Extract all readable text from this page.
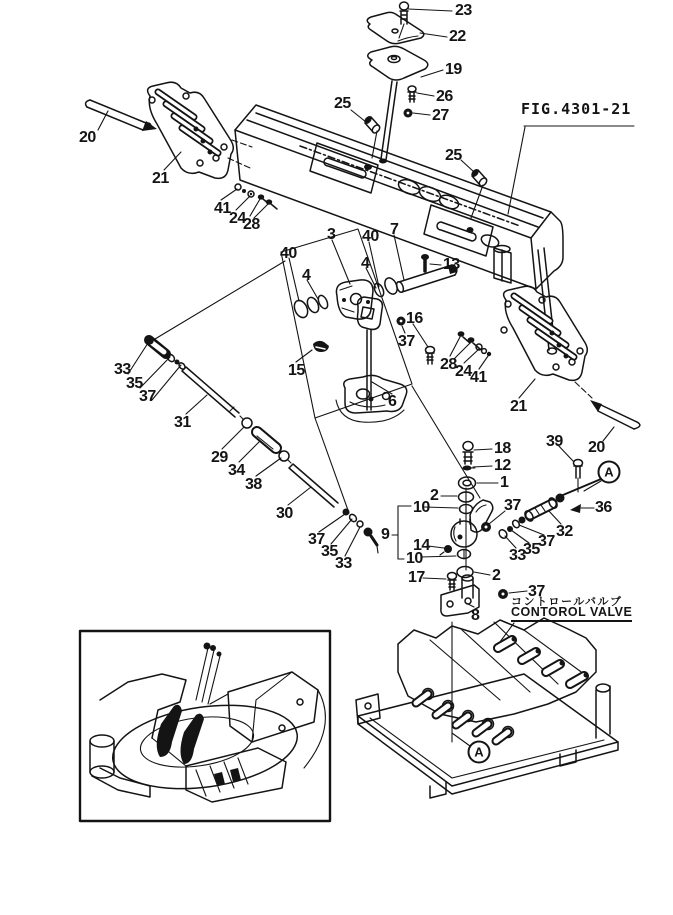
FIG.4301-21
コントロールバルブ
CONTOROL VALVE
23
22
19
26
27
25
25
20
21
41
24
28
40
3 40 7
4
4	13
16
37
15
6
33
35
37
31
29
34
38
30
37
35
33
9
10
14
10
17
2
2
1
12
18
37
33
35
37
32
36
39 20
21
28
24
41
8
37
A
A
